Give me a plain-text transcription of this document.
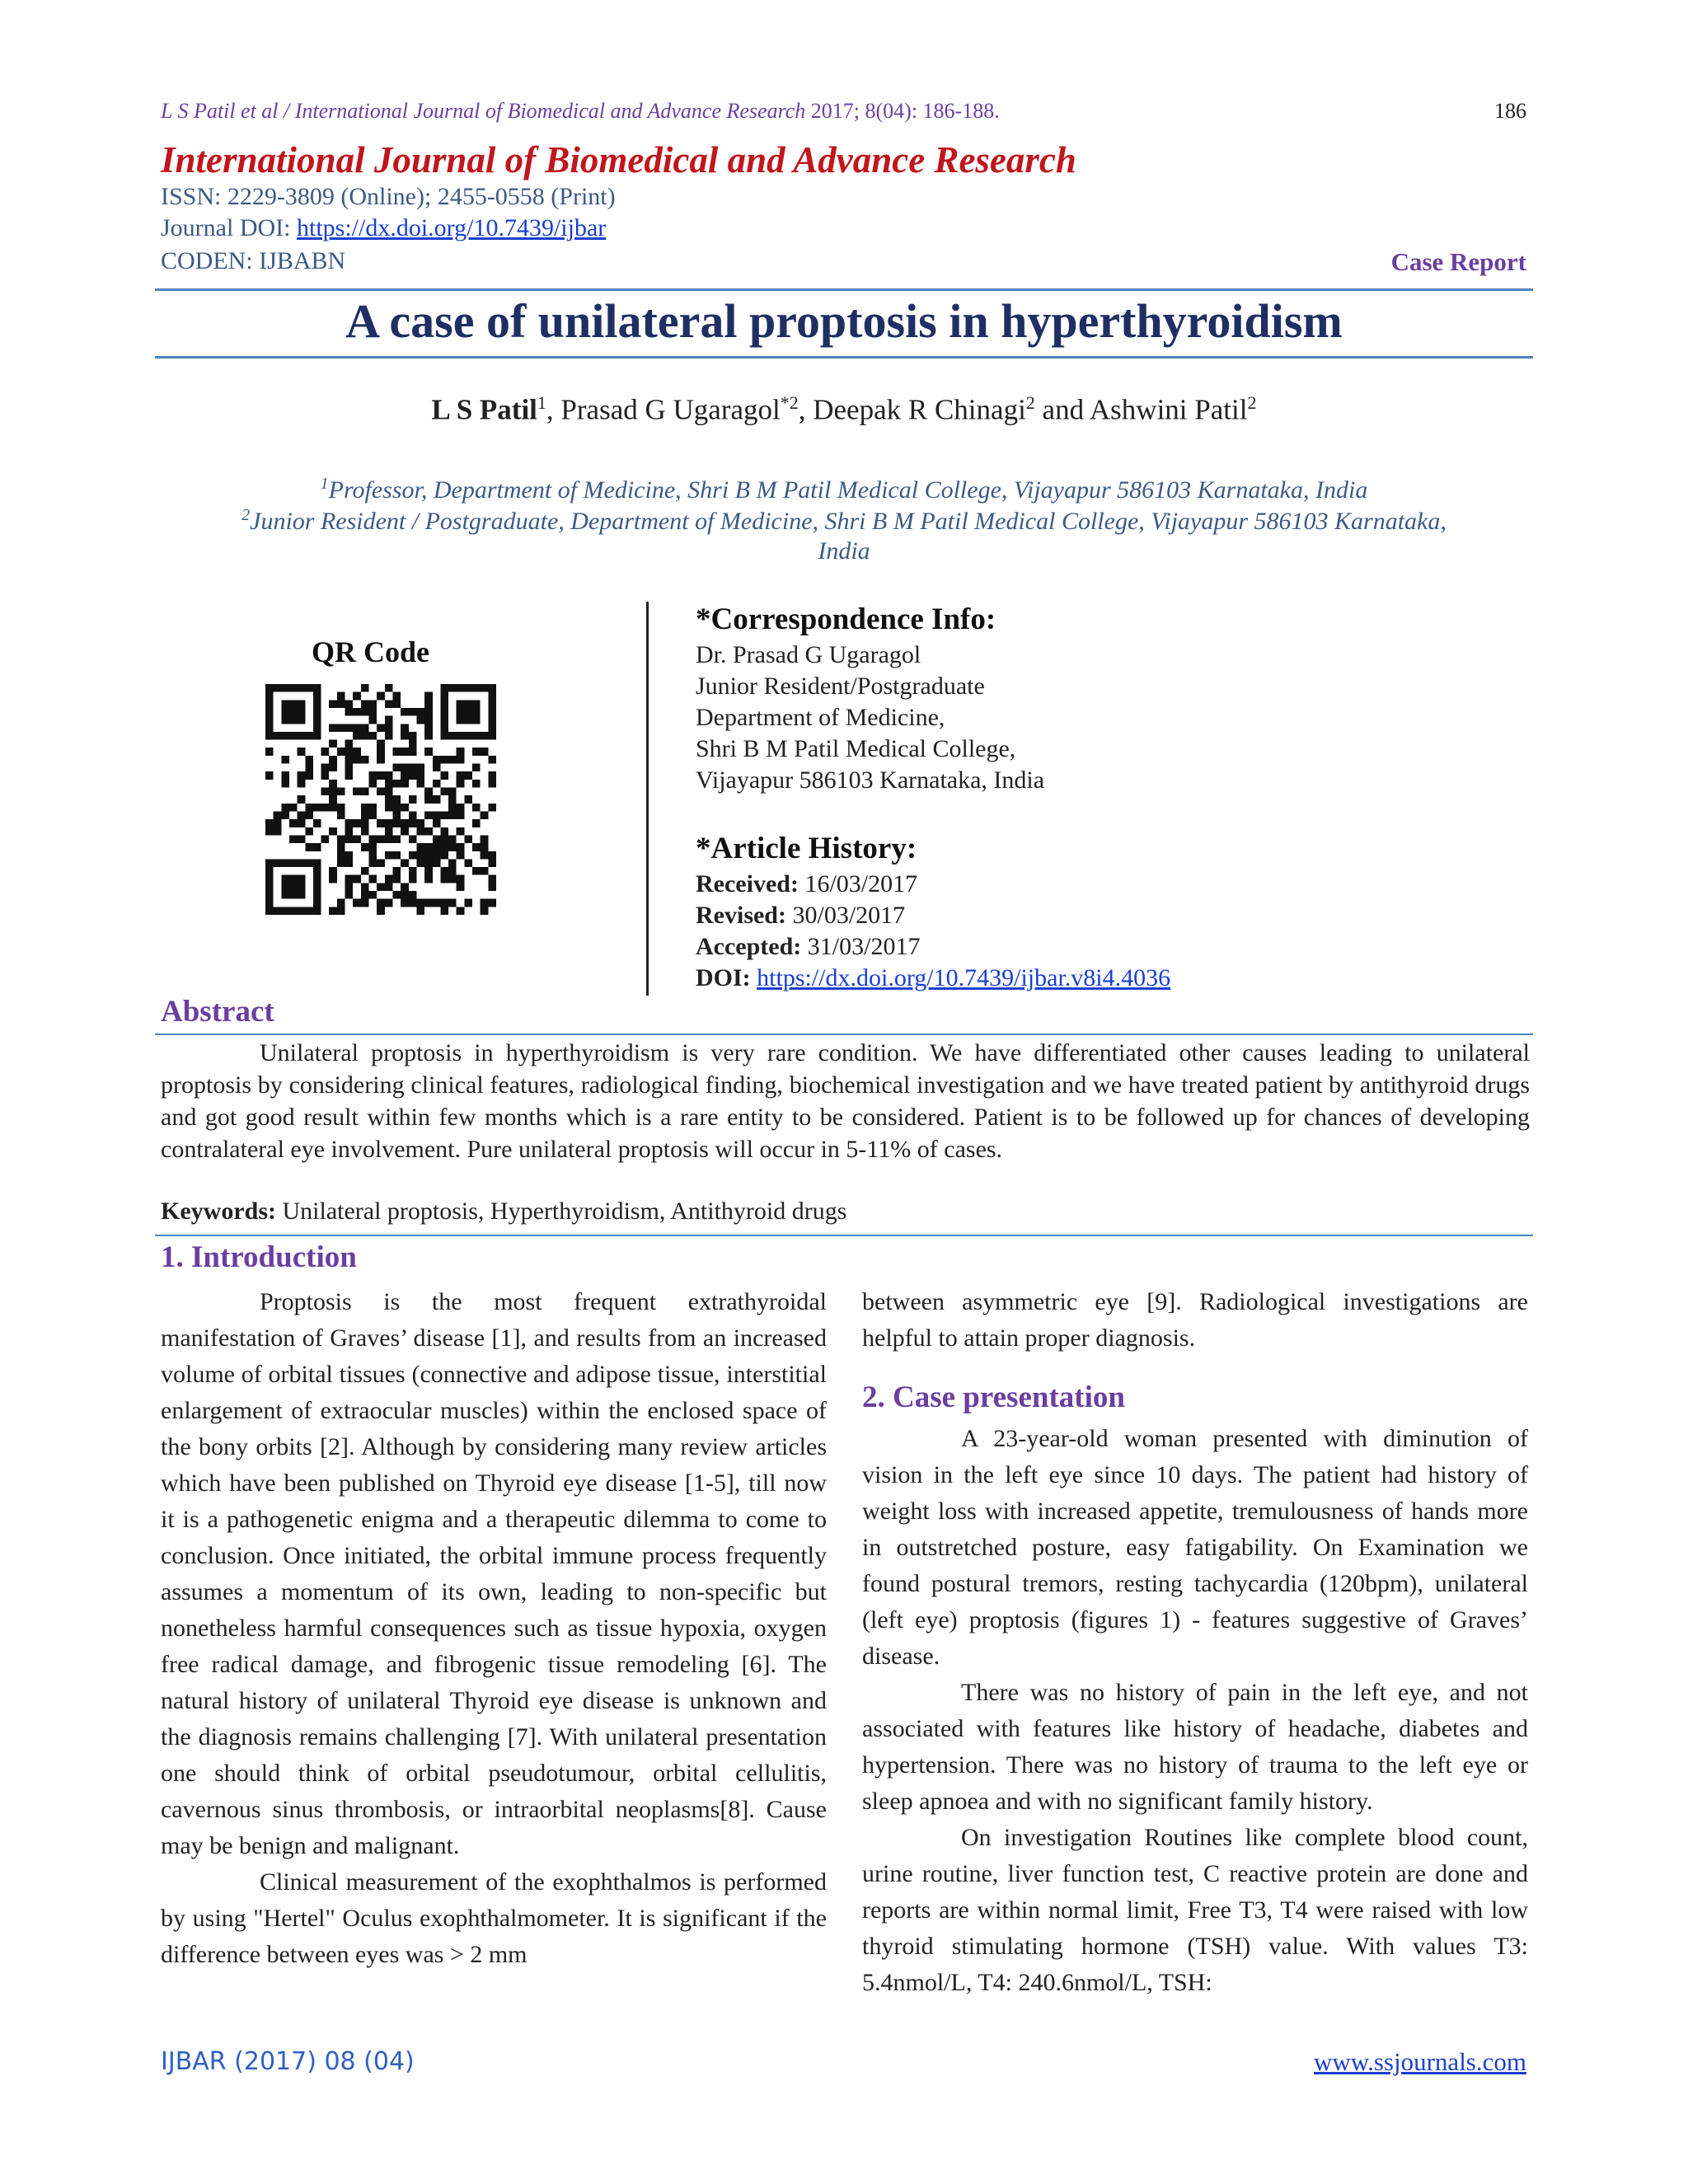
L S Patil et al / International Journal of Biomedical and Advance Research 2017; 8(04): 186-188.	186
International Journal of Biomedical and Advance Research
ISSN: 2229-3809 (Online); 2455-0558 (Print)
Journal DOI: https://dx.doi.org/10.7439/ijbar
CODEN: IJBABN	Case Report
A case of unilateral proptosis in hyperthyroidism
L S Patil$^1$, Prasad G Ugaragol$^{*2}$, Deepak R Chinagi$^2$ and Ashwini Patil$^2$
$^1$Professor, Department of Medicine, Shri B M Patil Medical College, Vijayapur 586103 Karnataka, India
$^2$Junior Resident / Postgraduate, Department of Medicine, Shri B M Patil Medical College, Vijayapur 586103 Karnataka,
India
QR Code
*Correspondence Info:
Dr. Prasad G Ugaragol
Junior Resident/Postgraduate
Department of Medicine,
Shri B M Patil Medical College,
Vijayapur 586103 Karnataka, India
*Article History:
Received: 16/03/2017
Revised: 30/03/2017
Accepted: 31/03/2017
DOI: https://dx.doi.org/10.7439/ijbar.v8i4.4036
Abstract

Unilateral proptosis in hyperthyroidism is very rare condition. We have differentiated other causes leading to unilateral proptosis by considering clinical features, radiological finding, biochemical investigation and we have treated patient by antithyroid drugs and got good result within few months which is a rare entity to be considered. Patient is to be followed up for chances of developing contralateral eye involvement. Pure unilateral proptosis will occur in 5-11% of cases.

Keywords: Unilateral proptosis, Hyperthyroidism, Antithyroid drugs
1. Introduction

Proptosis is the most frequent extrathyroidal manifestation of Graves’ disease [1], and results from an increased volume of orbital tissues (connective and adipose tissue, interstitial enlargement of extraocular muscles) within the enclosed space of the bony orbits [2]. Although by considering many review articles which have been published on Thyroid eye disease [1-5], till now it is a pathogenetic enigma and a therapeutic dilemma to come to conclusion. Once initiated, the orbital immune process frequently assumes a momentum of its own, leading to non-specific but nonetheless harmful consequences such as tissue hypoxia, oxygen free radical damage, and fibrogenic tissue remodeling [6]. The natural history of unilateral Thyroid eye disease is unknown and the diagnosis remains challenging [7]. With unilateral presentation one should think of orbital pseudotumour, orbital cellulitis, cavernous sinus thrombosis, or intraorbital neoplasms[8]. Cause may be benign and malignant.

Clinical measurement of the exophthalmos is performed by using "Hertel" Oculus exophthalmometer. It is significant if the difference between eyes was > 2 mm

between asymmetric eye [9]. Radiological investigations are helpful to attain proper diagnosis.

2. Case presentation

A 23-year-old woman presented with diminution of vision in the left eye since 10 days. The patient had history of weight loss with increased appetite, tremulousness of hands more in outstretched posture, easy fatigability. On Examination we found postural tremors, resting tachycardia (120bpm), unilateral (left eye) proptosis (figures 1) - features suggestive of Graves’ disease.

There was no history of pain in the left eye, and not associated with features like history of headache, diabetes and hypertension. There was no history of trauma to the left eye or sleep apnoea and with no significant family history.

On investigation Routines like complete blood count, urine routine, liver function test, C reactive protein are done and reports are within normal limit, Free T3, T4 were raised with low thyroid stimulating hormone (TSH) value. With values T3: 5.4nmol/L, T4: 240.6nmol/L, TSH:

IJBAR (2017) 08 (04)	www.ssjournals.com
